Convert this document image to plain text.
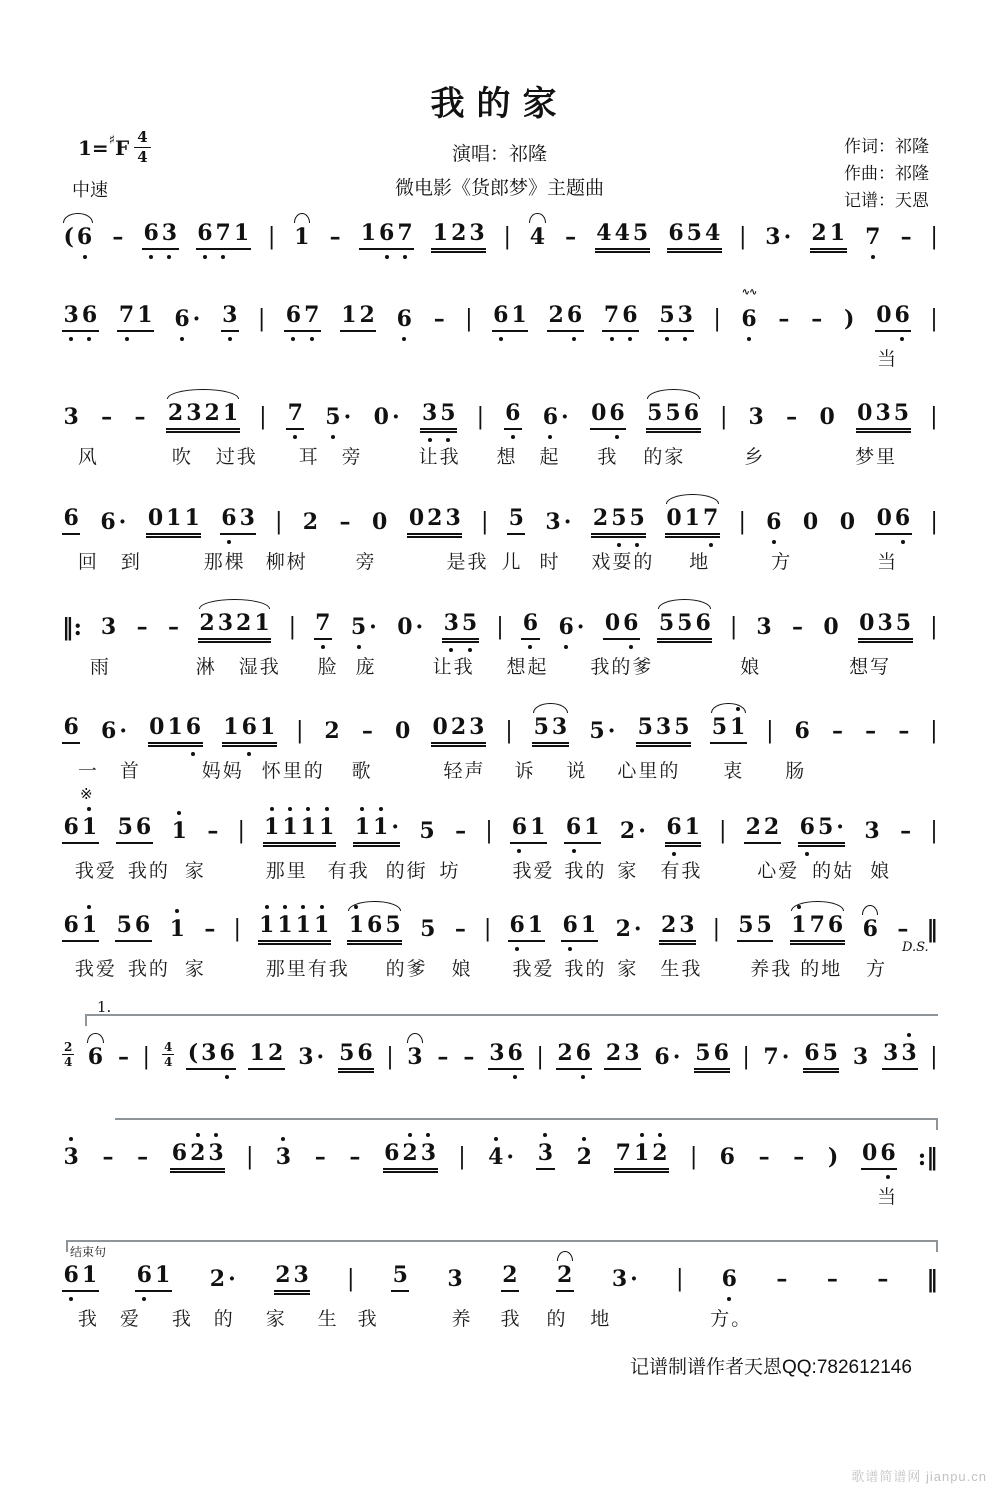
我的家
1= ♯ F $\frac{4}{4}$
中速
演唱：祁隆
微电影《货郎梦》主题曲
作词：祁隆
作曲：祁隆
记谱：天恩
( 6 – 6 3 6 7 1 | 1 – 1 6 7 1 2 3 | 4 – 4 4 5 6 5 4 | 3 · 2 1 7 – |
3 6 7 1 6 · 3 | 6 7 1 2 6 – | 6 1 2 6 7 6 5 3 | ∿∿ 6 – – ) 0 6 |
当
3 – – 2 3 2 1 | 7 5 · 0 · 3 5 | 6 6 · 0 6 5 5 6 | 3 – 0 0 3 5 |
风	吹 过我 耳 旁	让我 想 起 我 的家	乡	梦里
6 6 · 0 1 1 6 3 | 2 – 0 0 2 3 | 5 3 · 2 5 5 0 1 7 | 6 0 0 0 6 |
回 到	那棵 柳树	旁	是我 儿 时 戏耍的 地	方	当
‖: 3 – – 2 3 2 1 | 7 5 · 0 · 3 5 | 6 6 · 0 6 5 5 6 | 3 – 0 0 3 5 |
雨	淋 湿我 脸 庞	让我 想起 我的爹	娘	想写
6 6 · 0 1 6 1 6 1 | 2 – 0 0 2 3 | 5 3 5 · 5 3 5 5 1 | 6 – – – |
一 首	妈妈 怀里的 歌	轻声 诉 说 心里的 衷 肠
6 1 5 6 1 – | 1 1 1 1 1 1 · 5 – | 6 1 6 1 2 · 6 1 | 2 2 6 5 · 3 – |
我爱 我的 家	那里 有我 的街 坊	我爱 我的 家 有我	心爱 的姑 娘
※
6 1 5 6 1 – | 1 1 1 1 1 6 5 5 – | 6 1 6 1 2 · 2 3 | 5 5 1 7 6 6 – ‖
我爱 我的 家	那里有我 的爹 娘 我爱 我的 家 生我	养我 的地 方
D.S.
2
4 6 – | 4
4 ( 3 6 1 2 3 · 5 6 | 3 – – 3 6 | 2 6 2 3 6 · 5 6 | 7 · 6 5 3 3 3 |
1.
3 – – 6 2 3 | 3 – – 6 2 3 | 4 · 3 2 7 1 2 | 6 – – ) 0 6 :‖
当
6 1 6 1 2 · 2 3 | 5 3 2 2 3 · | 6 – – – ‖
我 爱 我 的 家 生 我	养 我 的 地	方。
结束句
记谱制谱作者天恩QQ:782612146
歌谱简谱网 jianpu.cn
